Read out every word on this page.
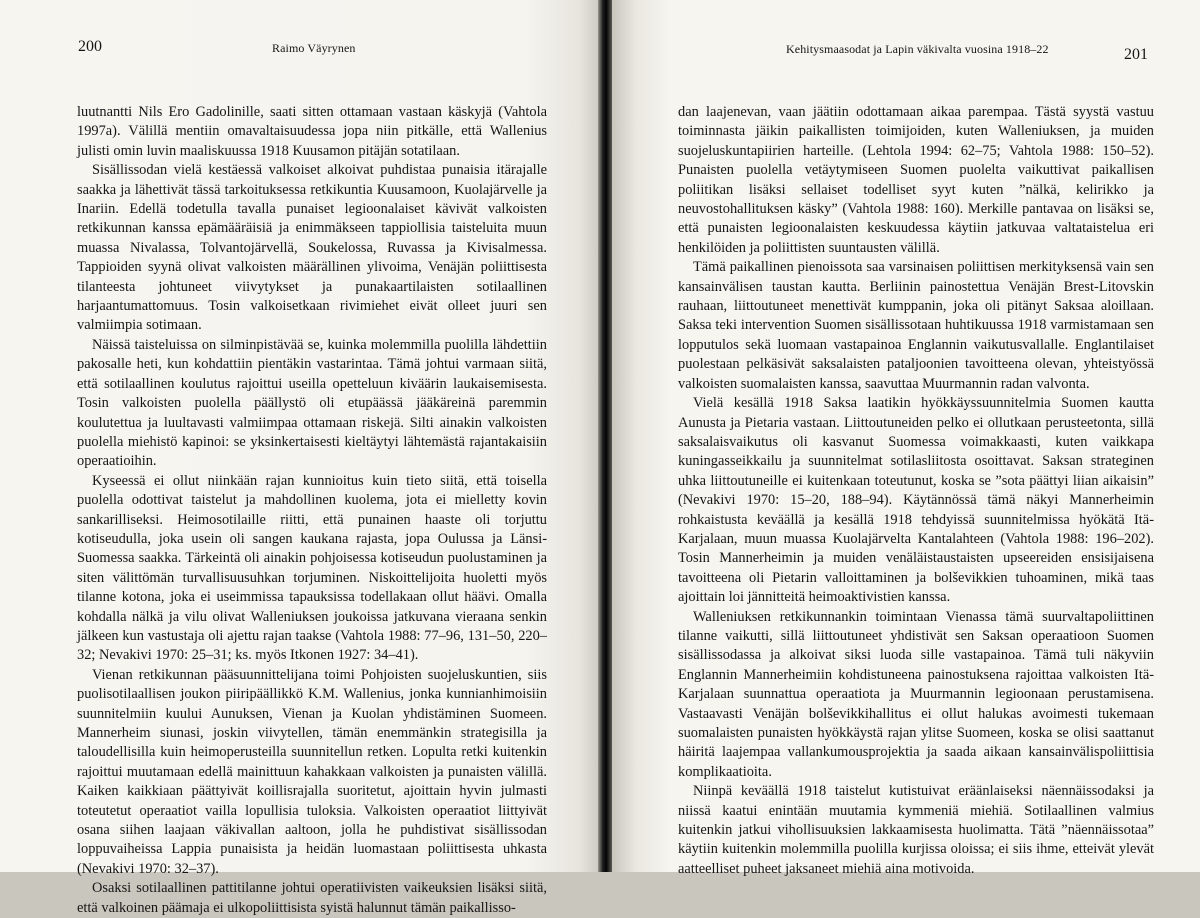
200	Raimo Väyrynen

luutnantti Nils Ero Gadolinille, saati sitten ottamaan vastaan käskyjä (Vahtola 1997a). Välillä mentiin omavaltaisuudessa jopa niin pitkälle, että Wallenius julisti omin luvin maaliskuussa 1918 Kuusamon pitäjän sotatilaan.

Sisällissodan vielä kestäessä valkoiset alkoivat puhdistaa punaisia itärajalle saakka ja lähettivät tässä tarkoituksessa retkikuntia Kuusamoon, Kuolajärvelle ja Inariin. Edellä todetulla tavalla punaiset legioonalaiset kävivät valkoisten retkikunnan kanssa epämääräisiä ja enimmäkseen tappiollisia taisteluita muun muassa Nivalassa, Tolvantojärvellä, Soukelossa, Ruvassa ja Kivisalmessa. Tappioiden syynä olivat valkoisten määrällinen ylivoima, Venäjän poliittisesta tilanteesta johtuneet viivytykset ja punakaartilaisten sotilaallinen harjaantumattomuus. Tosin valkoisetkaan rivimiehet eivät olleet juuri sen valmiimpia sotimaan.

Näissä taisteluissa on silminpistävää se, kuinka molemmilla puolilla lähdettiin pakosalle heti, kun kohdattiin pientäkin vastarintaa. Tämä johtui varmaan siitä, että sotilaallinen koulutus rajoittui useilla opetteluun kiväärin laukaisemisesta. Tosin valkoisten puolella päällystö oli etupäässä jääkäreinä paremmin koulutettua ja luultavasti valmiimpaa ottamaan riskejä. Silti ainakin valkoisten puolella miehistö kapinoi: se yksinkertaisesti kieltäytyi lähtemästä rajantakaisiin operaatioihin.

Kyseessä ei ollut niinkään rajan kunnioitus kuin tieto siitä, että toisella puolella odottivat taistelut ja mahdollinen kuolema, jota ei mielletty kovin sankarilliseksi. Heimosotilaille riitti, että punainen haaste oli torjuttu kotiseudulla, joka usein oli sangen kaukana rajasta, jopa Oulussa ja Länsi-Suomessa saakka. Tärkeintä oli ainakin pohjoisessa kotiseudun puolustaminen ja siten välittömän turvallisuusuhkan torjuminen. Niskoittelijoita huoletti myös tilanne kotona, joka ei useimmissa tapauksissa todellakaan ollut häävi. Omalla kohdalla nälkä ja vilu olivat Walleniuksen joukoissa jatkuvana vieraana senkin jälkeen kun vastustaja oli ajettu rajan taakse (Vahtola 1988: 77–96, 131–50, 220–32; Nevakivi 1970: 25–31; ks. myös Itkonen 1927: 34–41).

Vienan retkikunnan pääsuunnittelijana toimi Pohjoisten suojeluskuntien, siis puolisotilaallisen joukon piiripäällikkö K.M. Wallenius, jonka kunnianhimoisiin suunnitelmiin kuului Aunuksen, Vienan ja Kuolan yhdistäminen Suomeen. Mannerheim siunasi, joskin viivytellen, tämän enemmänkin strategisilla ja taloudellisilla kuin heimoperusteilla suunnitellun retken. Lopulta retki kuitenkin rajoittui muutamaan edellä mainittuun kahakkaan valkoisten ja punaisten välillä. Kaiken kaikkiaan päättyivät koillisrajalla suoritetut, ajoittain hyvin julmasti toteutetut operaatiot vailla lopullisia tuloksia. Valkoisten operaatiot liittyivät osana siihen laajaan väkivallan aaltoon, jolla he puhdistivat sisällissodan loppuvaiheissa Lappia punaisista ja heidän luomastaan poliittisesta uhkasta (Nevakivi 1970: 32–37).

Osaksi sotilaallinen pattitilanne johtui operatiivisten vaikeuksien lisäksi siitä, että valkoinen päämaja ei ulkopoliittisista syistä halunnut tämän paikallisso-

Kehitysmaasodat ja Lapin väkivalta vuosina 1918–22	201

dan laajenevan, vaan jäätiin odottamaan aikaa parempaa. Tästä syystä vastuu toiminnasta jäikin paikallisten toimijoiden, kuten Walleniuksen, ja muiden suojeluskuntapiirien harteille. (Lehtola 1994: 62–75; Vahtola 1988: 150–52). Punaisten puolella vetäytymiseen Suomen puolelta vaikuttivat paikallisen poliitikan lisäksi sellaiset todelliset syyt kuten ”nälkä, kelirikko ja neuvostohallituksen käsky” (Vahtola 1988: 160). Merkille pantavaa on lisäksi se, että punaisten legioonalaisten keskuudessa käytiin jatkuvaa valtataistelua eri henkilöiden ja poliittisten suuntausten välillä.

Tämä paikallinen pienoissota saa varsinaisen poliittisen merkityksensä vain sen kansainvälisen taustan kautta. Berliinin painostettua Venäjän Brest-Litovskin rauhaan, liittoutuneet menettivät kumppanin, joka oli pitänyt Saksaa aloillaan. Saksa teki intervention Suomen sisällissotaan huhtikuussa 1918 varmistamaan sen lopputulos sekä luomaan vastapainoa Englannin vaikutusvallalle. Englantilaiset puolestaan pelkäsivät saksalaisten pataljoonien tavoitteena olevan, yhteistyössä valkoisten suomalaisten kanssa, saavuttaa Muurmannin radan valvonta.

Vielä kesällä 1918 Saksa laatikin hyökkäyssuunnitelmia Suomen kautta Aunusta ja Pietaria vastaan. Liittoutuneiden pelko ei ollutkaan perusteetonta, sillä saksalaisvaikutus oli kasvanut Suomessa voimakkaasti, kuten vaikkapa kuningasseikkailu ja suunnitelmat sotilasliitosta osoittavat. Saksan strateginen uhka liittoutuneille ei kuitenkaan toteutunut, koska se ”sota päättyi liian aikaisin” (Nevakivi 1970: 15–20, 188–94). Käytännössä tämä näkyi Mannerheimin rohkaistusta keväällä ja kesällä 1918 tehdyissä suunnitelmissa hyökätä Itä-Karjalaan, muun muassa Kuolajärvelta Kantalahteen (Vahtola 1988: 196–202). Tosin Mannerheimin ja muiden venäläistaustaisten upseereiden ensisijaisena tavoitteena oli Pietarin valloittaminen ja bolševikkien tuhoaminen, mikä taas ajoittain loi jännitteitä heimoaktivistien kanssa.

Walleniuksen retkikunnankin toimintaan Vienassa tämä suurvaltapoliittinen tilanne vaikutti, sillä liittoutuneet yhdistivät sen Saksan operaatioon Suomen sisällissodassa ja alkoivat siksi luoda sille vastapainoa. Tämä tuli näkyviin Englannin Mannerheimiin kohdistuneena painostuksena rajoittaa valkoisten Itä-Karjalaan suunnattua operaatiota ja Muurmannin legioonaan perustamisena. Vastaavasti Venäjän bolševikkihallitus ei ollut halukas avoimesti tukemaan suomalaisten punaisten hyökkäystä rajan ylitse Suomeen, koska se olisi saattanut häiritä laajempaa vallankumousprojektia ja saada aikaan kansainvälispoliittisia komplikaatioita.

Niinpä keväällä 1918 taistelut kutistuivat eräänlaiseksi näennäissodaksi ja niissä kaatui enintään muutamia kymmeniä miehiä. Sotilaallinen valmius kuitenkin jatkui vihollisuuksien lakkaamisesta huolimatta. Tätä ”näennäissotaa” käytiin kuitenkin molemmilla puolilla kurjissa oloissa; ei siis ihme, etteivät ylevät aatteelliset puheet jaksaneet miehiä aina motivoida.
